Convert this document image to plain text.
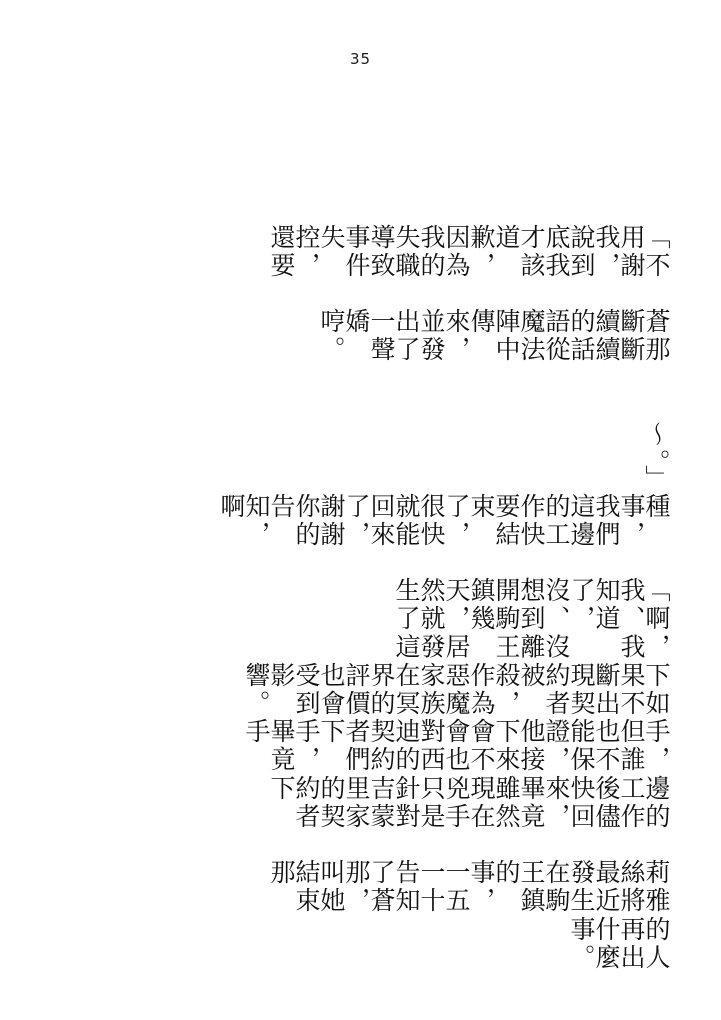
35
的人再出什麼事。
莉雅絲將最近發生在駒王鎮的事，一五一十告知了蒼那，叫她結束那
邊的工作後儘快回來，畢竟雖然現在兇手只是針對吉蒙里家的契約者下
手，但誰也不能保證，他接下來會不會也對西迪的契約者們下手，畢竟手
下如果不斷出現契約者被殺，作為惡魔家族在冥界的評價也會受到影響。
「啊，我、我知道了，沒、沒想到離開駒王鎮幾天，居然就發生了這
種事，我們這邊的工作快要結束了，很快就能回來了，謝謝你的告知，啊
～。」
蒼那斷斷續續的話語從魔法陣中傳來，並發出了一聲嬌哼。
「不用謝我，說到底我才該道歉，因為我的失職導致事件失控，還要
